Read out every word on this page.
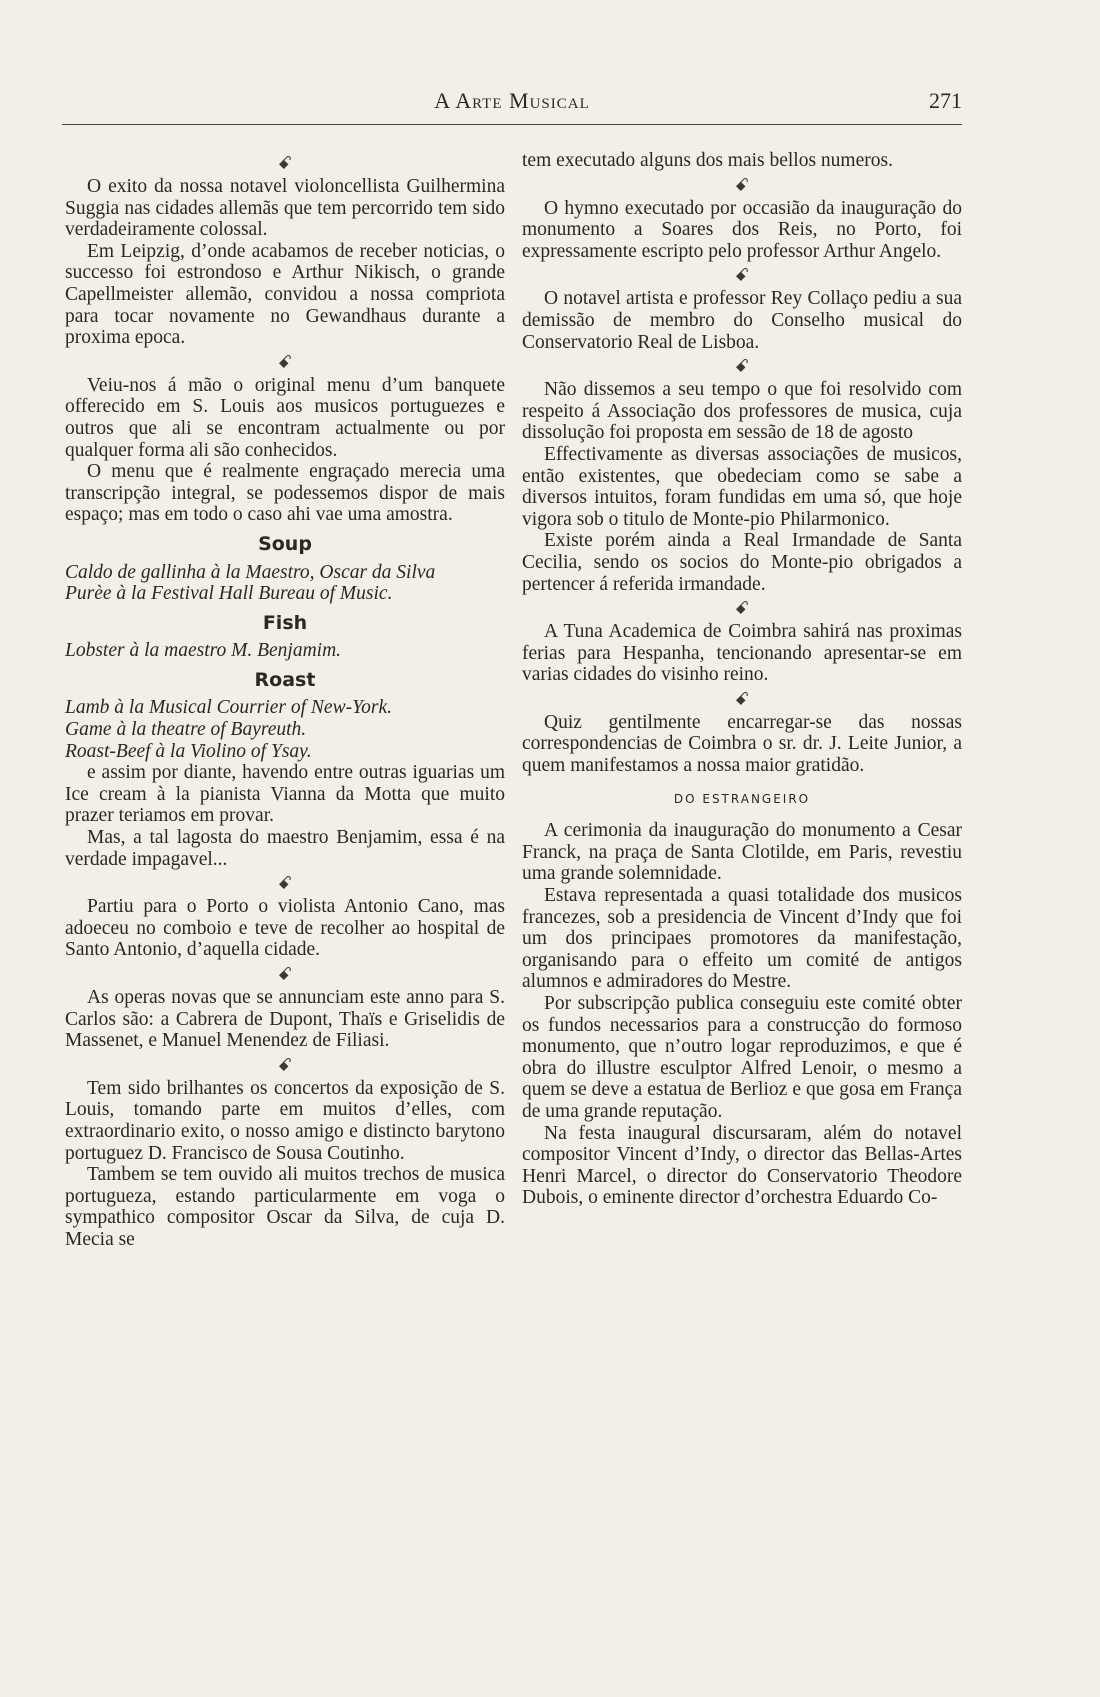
A Arte Musical	271
ꗃ

O exito da nossa notavel violoncellista Guilhermina Suggia nas cidades allemãs que tem percorrido tem sido verdadeiramente colossal.

Em Leipzig, d’onde acabamos de receber noticias, o successo foi estrondoso e Arthur Nikisch, o grande Capellmeister allemão, convidou a nossa compriota para tocar novamente no Gewandhaus durante a proxima epoca.

ꗃ

Veiu-nos á mão o original menu d’um banquete offerecido em S. Louis aos musicos portuguezes e outros que ali se encontram actualmente ou por qualquer forma ali são conhecidos.

O menu que é realmente engraçado merecia uma transcripção integral, se podessemos dispor de mais espaço; mas em todo o caso ahi vae uma amostra.

Soup

Caldo de gallinha à la Maestro, Oscar da Silva

Purèe à la Festival Hall Bureau of Music.

Fish

Lobster à la maestro M. Benjamim.

Roast

Lamb à la Musical Courrier of New-York.

Game à la theatre of Bayreuth.

Roast-Beef à la Violino of Ysay.

e assim por diante, havendo entre outras iguarias um Ice cream à la pianista Vianna da Motta que muito prazer teriamos em provar.

Mas, a tal lagosta do maestro Benjamim, essa é na verdade impagavel...

ꗃ

Partiu para o Porto o violista Antonio Cano, mas adoeceu no comboio e teve de recolher ao hospital de Santo Antonio, d’aquella cidade.

ꗃ

As operas novas que se annunciam este anno para S. Carlos são: a Cabrera de Dupont, Thaïs e Griselidis de Massenet, e Manuel Menendez de Filiasi.

ꗃ

Tem sido brilhantes os concertos da exposição de S. Louis, tomando parte em muitos d’elles, com extraordinario exito, o nosso amigo e distincto barytono portuguez D. Francisco de Sousa Coutinho.

Tambem se tem ouvido ali muitos trechos de musica portugueza, estando particularmente em voga o sympathico compositor Oscar da Silva, de cuja D. Mecia se

tem executado alguns dos mais bellos numeros.

ꗃ

O hymno executado por occasião da inauguração do monumento a Soares dos Reis, no Porto, foi expressamente escripto pelo professor Arthur Angelo.

ꗃ

O notavel artista e professor Rey Collaço pediu a sua demissão de membro do Conselho musical do Conservatorio Real de Lisboa.

ꗃ

Não dissemos a seu tempo o que foi resolvido com respeito á Associação dos professores de musica, cuja dissolução foi proposta em sessão de 18 de agosto

Effectivamente as diversas associações de musicos, então existentes, que obedeciam como se sabe a diversos intuitos, foram fundidas em uma só, que hoje vigora sob o titulo de Monte-pio Philarmonico.

Existe porém ainda a Real Irmandade de Santa Cecilia, sendo os socios do Monte-pio obrigados a pertencer á referida irmandade.

ꗃ

A Tuna Academica de Coimbra sahirá nas proximas ferias para Hespanha, tencionando apresentar-se em varias cidades do visinho reino.

ꗃ

Quiz gentilmente encarregar-se das nossas correspondencias de Coimbra o sr. dr. J. Leite Junior, a quem manifestamos a nossa maior gratidão.

DO ESTRANGEIRO

A cerimonia da inauguração do monumento a Cesar Franck, na praça de Santa Clotilde, em Paris, revestiu uma grande solemnidade.

Estava representada a quasi totalidade dos musicos francezes, sob a presidencia de Vincent d’Indy que foi um dos principaes promotores da manifestação, organisando para o effeito um comité de antigos alumnos e admiradores do Mestre.

Por subscripção publica conseguiu este comité obter os fundos necessarios para a construcção do formoso monumento, que n’outro logar reproduzimos, e que é obra do illustre esculptor Alfred Lenoir, o mesmo a quem se deve a estatua de Berlioz e que gosa em França de uma grande reputação.

Na festa inaugural discursaram, além do notavel compositor Vincent d’Indy, o director das Bellas-Artes Henri Marcel, o director do Conservatorio Theodore Dubois, o eminente director d’orchestra Eduardo Co-
